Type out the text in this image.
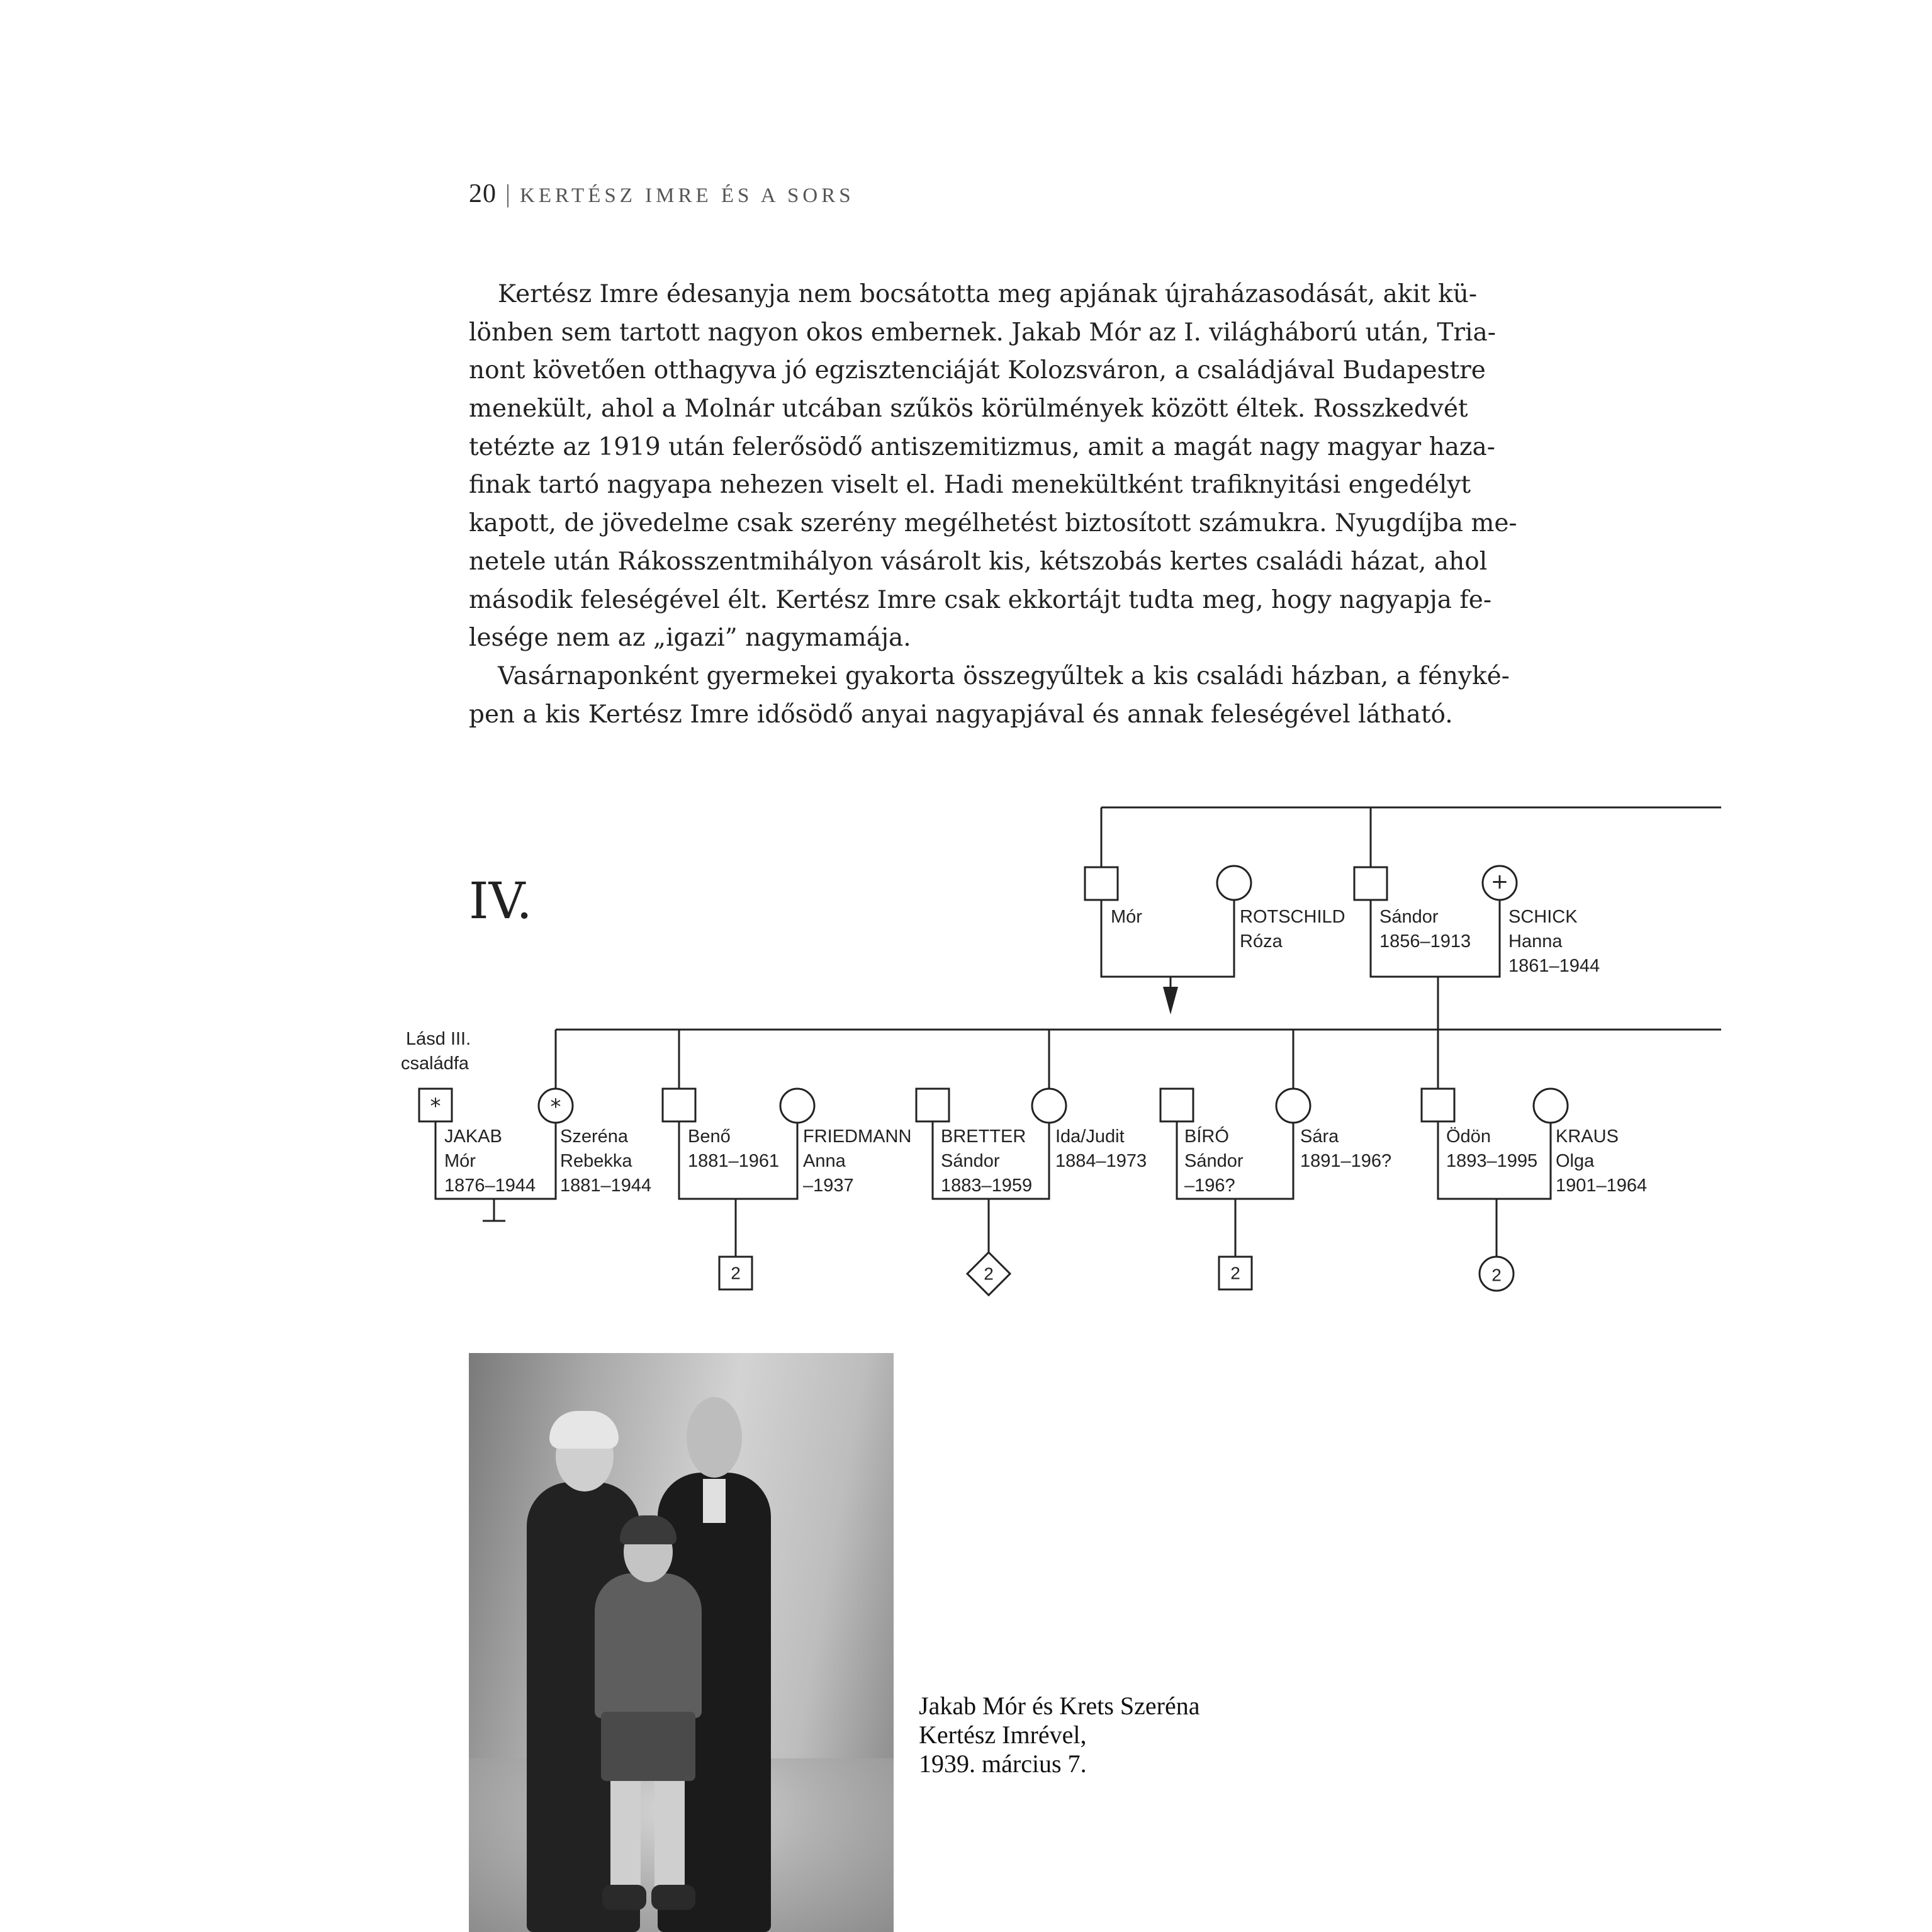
20 | KERTÉSZ IMRE ÉS A SORS
Kertész Imre édesanyja nem bocsátotta meg apjának újraházasodását, akit kü-
lönben sem tartott nagyon okos embernek. Jakab Mór az I. világháború után, Tria-
nont követően otthagyva jó egzisztenciáját Kolozsváron, a családjával Budapestre
menekült, ahol a Molnár utcában szűkös körülmények között éltek. Rosszkedvét
tetézte az 1919 után felerősödő antiszemitizmus, amit a magát nagy magyar haza-
finak tartó nagyapa nehezen viselt el. Hadi menekültként trafiknyitási engedélyt
kapott, de jövedelme csak szerény megélhetést biztosított számukra. Nyugdíjba me-
netele után Rákosszentmihályon vásárolt kis, kétszobás kertes családi házat, ahol
második feleségével élt. Kertész Imre csak ekkortájt tudta meg, hogy nagyapja fe-
lesége nem az „igazi” nagymamája.
Vasárnaponként gyermekei gyakorta összegyűltek a kis családi házban, a fényké-
pen a kis Kertész Imre idősödő anyai nagyapjával és annak feleségével látható.
IV.	Mór	ROTSCHILD
Róza
+
Sándor
1856–1913
SCHICK
Hanna
1861–1944
Lásd III.
családfa
*	*
JAKAB
Mór
1876–1944
Szeréna
Rebekka
1881–1944
2
Benő
1881–1961
FRIEDMANN
Anna
–1937
2
BRETTER
Sándor
1883–1959
Ida/Judit
1884–1973
2
BÍRÓ
Sándor
–196?
Sára
1891–196?
2
Ödön
1893–1995
KRAUS
Olga
1901–1964
Jakab Mór és Krets Szeréna
Kertész Imrével,
1939. március 7.
